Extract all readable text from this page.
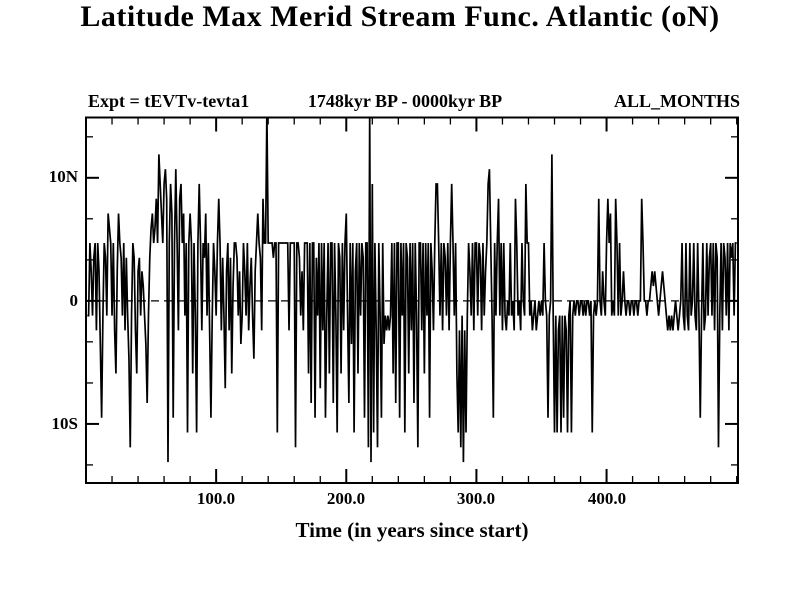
Latitude Max Merid Stream Func. Atlantic (oN)
Expt = tEVTv-tevta1	1748kyr BP - 0000kyr BP	ALL_MONTHS
10N
0
10S
100.0	200.0	300.0	400.0
Time (in years since start)
